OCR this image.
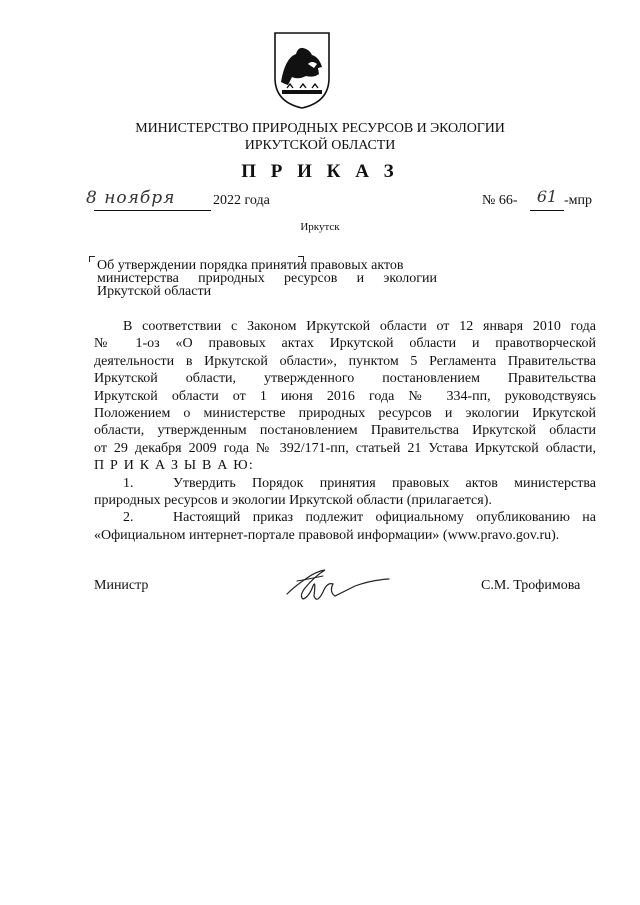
МИНИСТЕРСТВО ПРИРОДНЫХ РЕСУРСОВ И ЭКОЛОГИИ
ИРКУТСКОЙ ОБЛАСТИ
П Р И К А З
8 ноября	2022 года	№ 66-	61 -мпр
Иркутск
Об утверждении порядка принятия правовых актов
министерства природных ресурсов и экологии
Иркутской области

В соответствии с Законом Иркутской области от 12 января 2010 года
№ 1-оз «О правовых актах Иркутской области и правотворческой
деятельности в Иркутской области», пунктом 5 Регламента Правительства
Иркутской области, утвержденного постановлением Правительства
Иркутской области от 1 июня 2016 года № 334-пп, руководствуясь
Положением о министерстве природных ресурсов и экологии Иркутской
области, утвержденным постановлением Правительства Иркутской области
от 29 декабря 2009 года № 392/171-пп, статьей 21 Устава Иркутской области,

П Р И К А З Ы В А Ю:

1.	Утвердить Порядок принятия правовых актов министерства
природных ресурсов и экологии Иркутской области (прилагается).

2.	Настоящий приказ подлежит официальному опубликованию на
«Официальном интернет-портале правовой информации» (www.pravo.gov.ru).

Министр	С.М. Трофимова
